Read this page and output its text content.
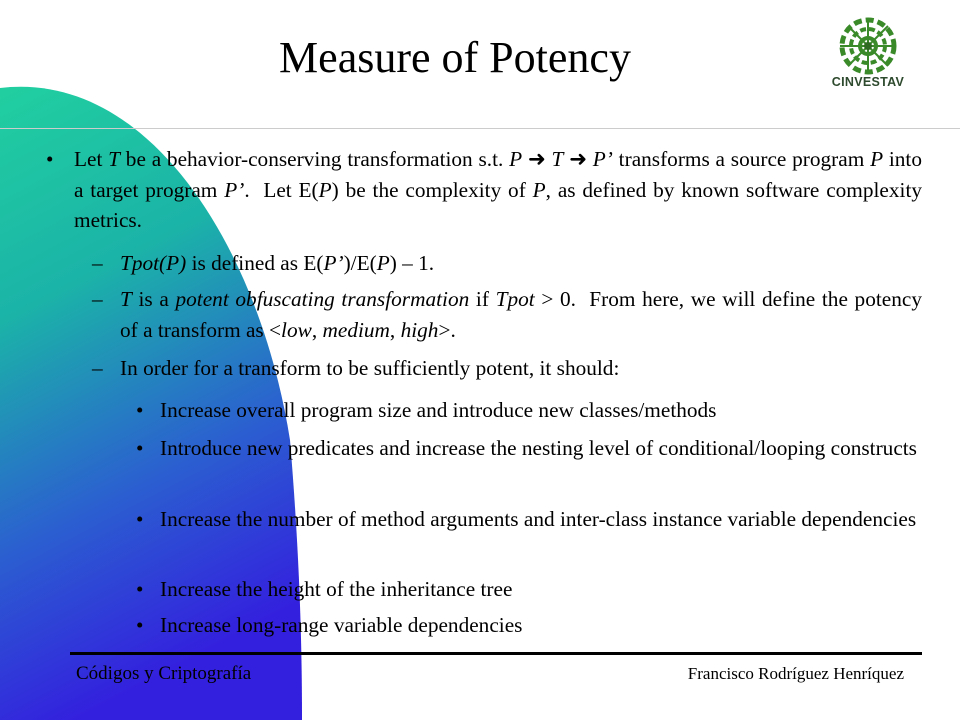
Measure of Potency	CINVESTAV
• Let T be a behavior-conserving transformation s.t. P ➜ T ➜ P’ transforms a source program P into a target program P’.  Let E(P) be the complexity of P, as defined by known software complexity metrics.
– Tpot(P) is defined as E(P’)/E(P) – 1.
– T is a potent obfuscating transformation if Tpot > 0.  From here, we will define the potency of a transform as <low, medium, high>.
– In order for a transform to be sufficiently potent, it should:
• Increase overall program size and introduce new classes/methods
• Introduce new predicates and increase the nesting level of conditional/looping constructs
• Increase the number of method arguments and inter-class instance variable dependencies
• Increase the height of the inheritance tree
• Increase long-range variable dependencies
Códigos y Criptografía	Francisco Rodríguez Henríquez
